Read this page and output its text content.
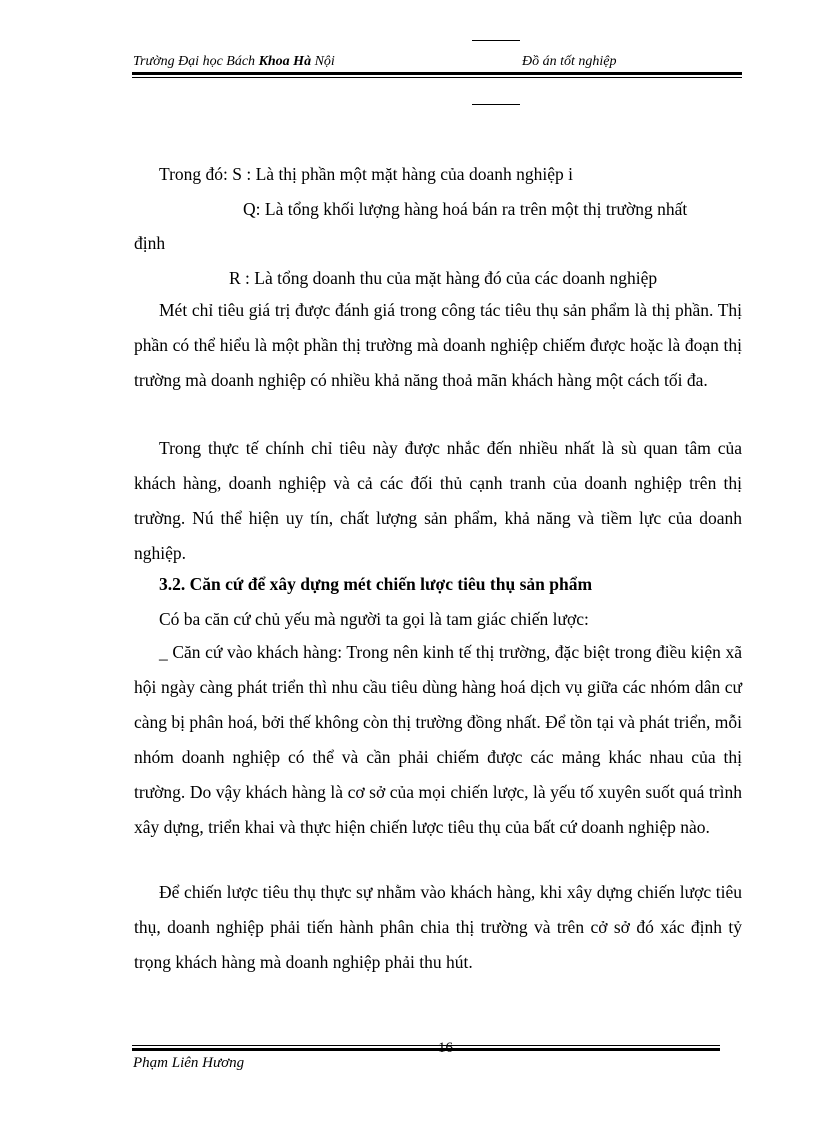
Trường Đại học Bách Khoa Hà Nội	Đồ án tốt nghiệp
Trong đó: S : Là thị phần một mặt hàng của doanh nghiệp i
Q: Là tổng khối lượng hàng hoá bán ra trên một thị trường nhất
định
R : Là tổng doanh thu của mặt hàng đó của các doanh nghiệp

Mét chỉ tiêu giá trị được đánh giá trong công tác tiêu thụ sản phẩm là thị phần. Thị phần có thể hiểu là một phần thị trường mà doanh nghiệp chiếm được hoặc là đoạn thị trường mà doanh nghiệp có nhiều khả năng thoả mãn khách hàng một cách tối đa.

Trong thực tế chính chỉ tiêu này được nhắc đến nhiều nhất là sù quan tâm của khách hàng, doanh nghiệp và cả các đối thủ cạnh tranh của doanh nghiệp trên thị trường. Nú thể hiện uy tín, chất lượng sản phẩm, khả năng và tiềm lực của doanh nghiệp.

3.2. Căn cứ để xây dựng mét chiến lược tiêu thụ sản phẩm
Có ba căn cứ chủ yếu mà người ta gọi là tam giác chiến lược:

_ Căn cứ vào khách hàng: Trong nên kinh tế thị trường, đặc biệt trong điều kiện xã hội ngày càng phát triển thì nhu cầu tiêu dùng hàng hoá dịch vụ giữa các nhóm dân cư càng bị phân hoá, bởi thế không còn thị trường đồng nhất. Để tồn tại và phát triển, mỗi nhóm doanh nghiệp có thể và cần phải chiếm được các mảng khác nhau của thị trường. Do vậy khách hàng là cơ sở của mọi chiến lược, là yếu tố xuyên suốt quá trình xây dựng, triển khai và thực hiện chiến lược tiêu thụ của bất cứ doanh nghiệp nào.

Để chiến lược tiêu thụ thực sự nhằm vào khách hàng, khi xây dựng chiến lược tiêu thụ, doanh nghiệp phải tiến hành phân chia thị trường và trên cở sở đó xác định tỷ trọng khách hàng mà doanh nghiệp phải thu hút.

Phạm Liên Hương
